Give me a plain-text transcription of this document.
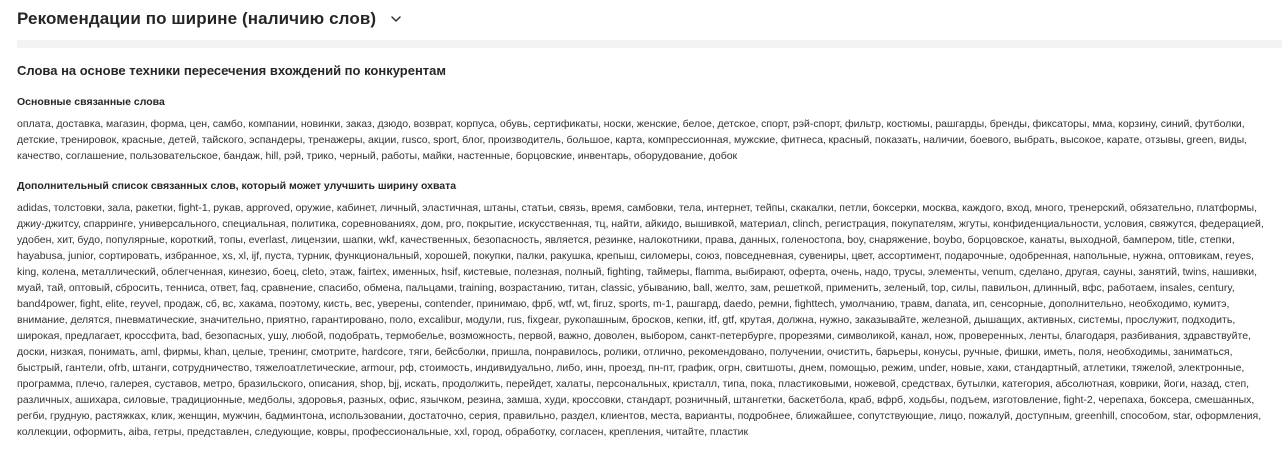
Рекомендации по ширине (наличию слов)
Слова на основе техники пересечения вхождений по конкурентам
Основные связанные слова
оплата, доставка, магазин, форма, цен, самбо, компании, новинки, заказ, дзюдо, возврат, корпуса, обувь, сертификаты, носки, женские, белое, детское, спорт, рэй-спорт, фильтр, костюмы, рашгарды, бренды, фиксаторы, мма, корзину, синий, футболки, детские, тренировок, красные, детей, тайского, эспандеры, тренажеры, акции, rusco, sport, блог, производитель, большое, карта, компрессионная, мужские, фитнеса, красный, показать, наличии, боевого, выбрать, высокое, карате, отзывы, green, виды, качество, соглашение, пользовательское, бандаж, hill, рэй, трико, черный, работы, майки, настенные, борцовские, инвентарь, оборудование, добок
Дополнительный список связанных слов, который может улучшить ширину охвата
adidas, толстовки, зала, ракетки, fight-1, рукав, approved, оружие, кабинет, личный, эластичная, штаны, статьи, связь, время, самбовки, тела, интернет, тейпы, скакалки, петли, боксерки, москва, каждого, вход, много, тренерский, обязательно, платформы, джиу-джитсу, спарринге, универсального, специальная, политика, соревнованиях, дом, pro, покрытие, искусственная, тц, найти, айкидо, вышивкой, материал, clinch, регистрация, покупателям, жгуты, конфиденциальности, условия, свяжутся, федерацией, удобен, хит, будо, популярные, короткий, топы, everlast, лицензии, шапки, wkf, качественных, безопасность, является, резинке, налокотники, права, данных, голеностопа, boy, снаряжение, boybo, борцовское, канаты, выходной, бампером, title, степки, hayabusa, junior, сортировать, избранное, xs, xl, ijf, пуста, турник, функциональный, хорошей, покупки, палки, ракушка, крепыш, силомеры, союз, повседневная, сувениры, цвет, ассортимент, подарочные, одобренная, напольные, нужна, оптовикам, reyes, king, колена, металлический, облегченная, кинезио, боец, cleto, этаж, fairtex, именных, hsif, кистевые, полезная, полный, fighting, таймеры, flamma, выбирают, оферта, очень, надо, трусы, элементы, venum, сделано, другая, сауны, занятий, twins, нашивки, муай, тай, оптовый, сбросить, тенниса, ответ, faq, сравнение, спасибо, обмена, пальцами, training, возрастанию, титан, classic, убыванию, ball, желто, зам, решеткой, применить, зеленый, top, силы, павильон, длинный, вфс, работаем, insales, century, band4power, fight, elite, reyvel, продаж, сб, вс, хакама, поэтому, кисть, вес, уверены, contender, принимаю, фрб, wtf, wt, firuz, sports, m-1, рашгард, daedo, ремни, fighttech, умолчанию, травм, danata, ип, сенсорные, дополнительно, необходимо, кумитэ, внимание, делятся, пневматические, значительно, приятно, гарантировано, поло, excalibur, модули, rus, fixgear, рукопашным, бросков, кепки, itf, gtf, крутая, должна, нужно, заказывайте, железной, дышащих, активных, системы, прослужит, подходить, широкая, предлагает, кроссфита, bad, безопасных, ушу, любой, подобрать, термобелье, возможность, первой, важно, доволен, выбором, санкт-петербурге, прорезями, символикой, канал, нож, проверенных, ленты, благодаря, разбивания, здравствуйте, доски, низкая, понимать, aml, фирмы, khan, целые, тренинг, смотрите, hardcore, тяги, бейсболки, пришла, понравилось, ролики, отлично, рекомендовано, получении, очистить, барьеры, конусы, ручные, фишки, иметь, поля, необходимы, заниматься, быстрый, гантели, ofrb, штанги, сотрудничество, тяжелоатлетические, armour, рф, стоимость, индивидуально, либо, инн, проезд, пн-пт, график, огрн, свитшоты, днем, помощью, режим, under, новые, хаки, стандартный, атлетики, тяжелой, электронные, программа, плечо, галерея, суставов, метро, бразильского, описания, shop, bjj, искать, продолжить, перейдет, халаты, персональных, кристалл, типа, пока, пластиковыми, ножевой, средствах, бутылки, категория, абсолютная, коврики, йоги, назад, степ, различных, ашихара, силовые, традиционные, медболы, здоровья, разных, офис, язычком, резина, замша, худи, кроссовки, стандарт, розничный, штангетки, баскетбола, краб, вфрб, ходьбы, подъем, изготовление, fight-2, черепаха, боксера, смешанных, регби, грудную, растяжках, клик, женщин, мужчин, бадминтона, использовании, достаточно, серия, правильно, раздел, клиентов, места, варианты, подробнее, ближайшее, сопутствующие, лицо, пожалуй, доступным, greenhill, способом, star, оформления, коллекции, оформить, aiba, гетры, представлен, следующие, ковры, профессиональные, xxl, город, обработку, согласен, крепления, читайте, пластик
